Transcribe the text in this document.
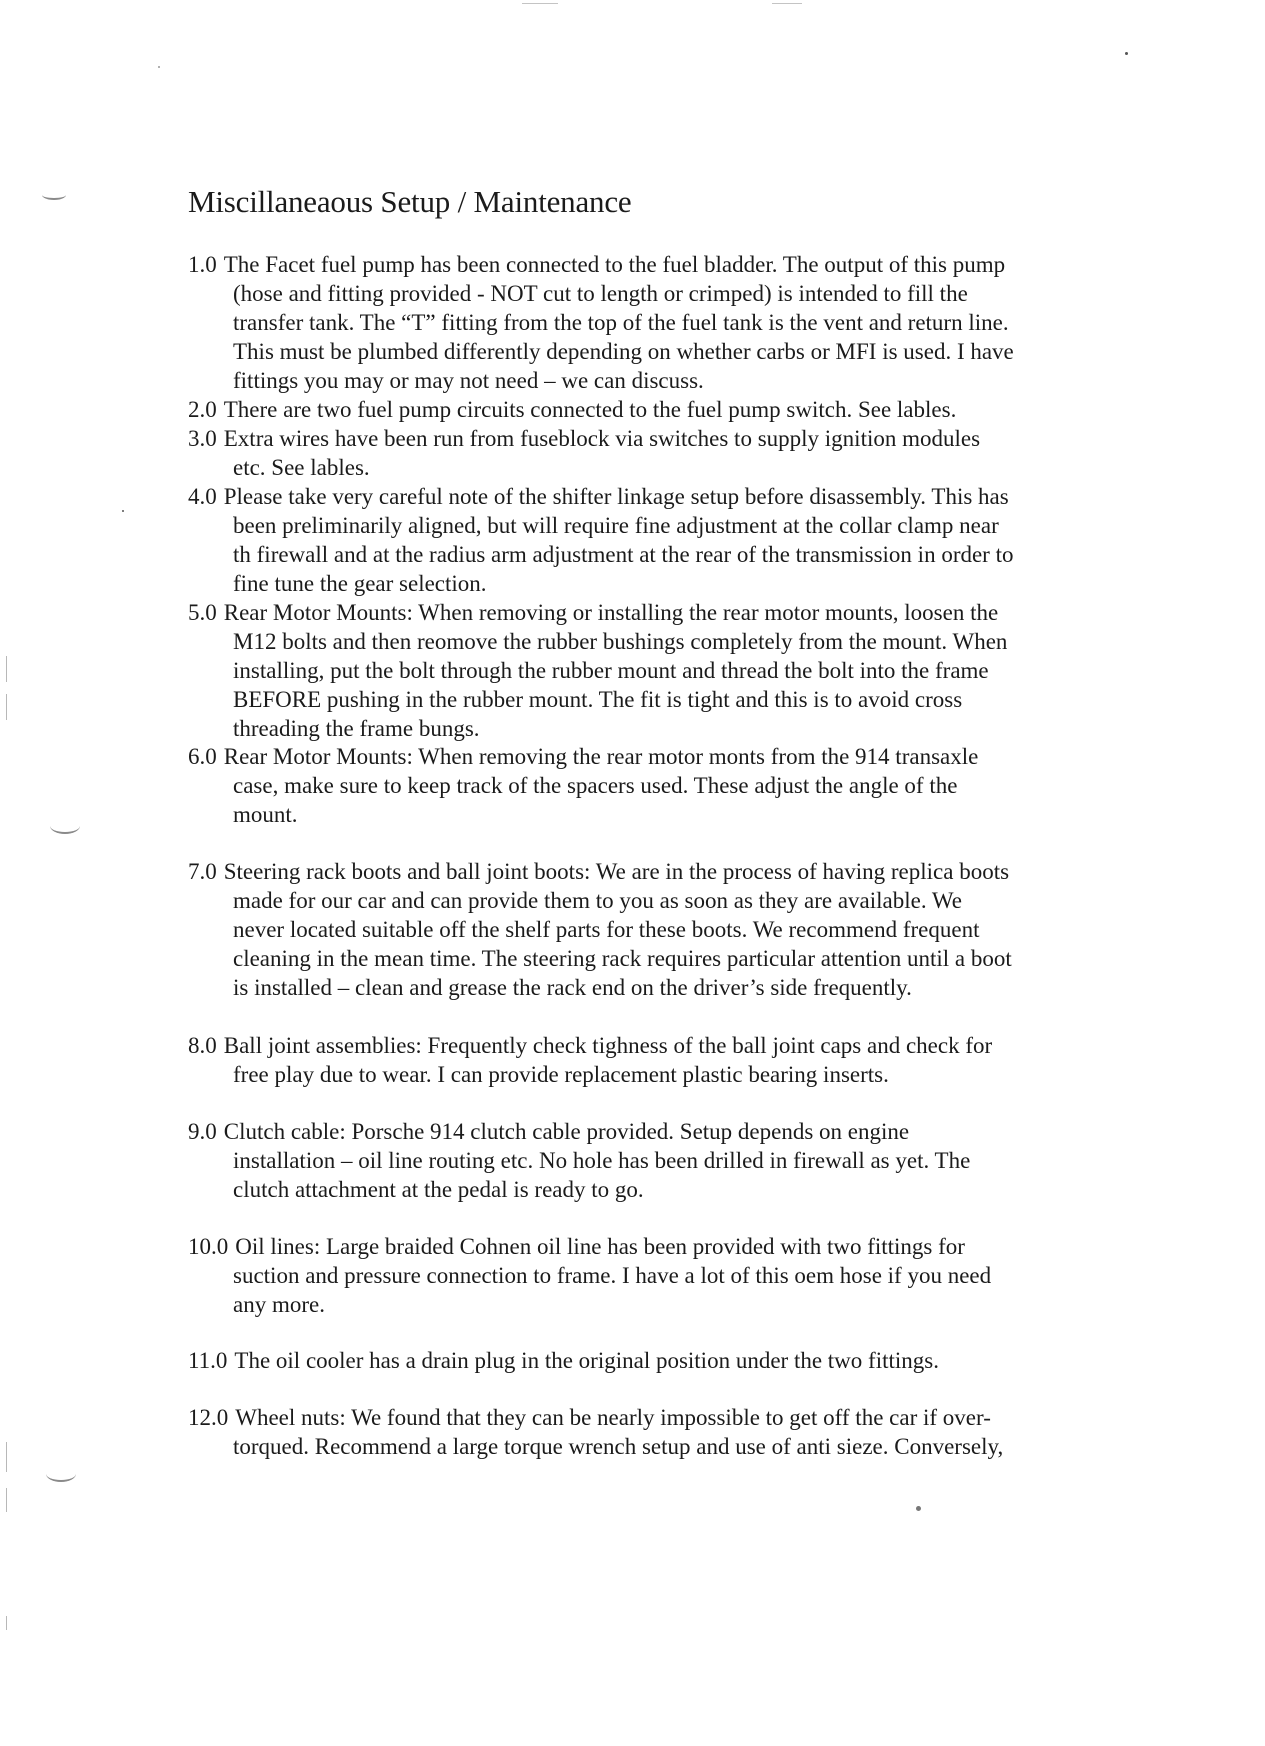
Miscillaneaous Setup / Maintenance
1.0 The Facet fuel pump has been connected to the fuel bladder. The output of this pump
(hose and fitting provided - NOT cut to length or crimped) is intended to fill the
transfer tank. The “T” fitting from the top of the fuel tank is the vent and return line.
This must be plumbed differently depending on whether carbs or MFI is used. I have
fittings you may or may not need – we can discuss.
2.0 There are two fuel pump circuits connected to the fuel pump switch. See lables.
3.0 Extra wires have been run from fuseblock via switches to supply ignition modules
etc. See lables.
4.0 Please take very careful note of the shifter linkage setup before disassembly. This has
been preliminarily aligned, but will require fine adjustment at the collar clamp near
th firewall and at the radius arm adjustment at the rear of the transmission in order to
fine tune the gear selection.
5.0 Rear Motor Mounts: When removing or installing the rear motor mounts, loosen the
M12 bolts and then reomove the rubber bushings completely from the mount. When
installing, put the bolt through the rubber mount and thread the bolt into the frame
BEFORE pushing in the rubber mount. The fit is tight and this is to avoid cross
threading the frame bungs.
6.0 Rear Motor Mounts: When removing the rear motor monts from the 914 transaxle
case, make sure to keep track of the spacers used. These adjust the angle of the
mount.
7.0 Steering rack boots and ball joint boots: We are in the process of having replica boots
made for our car and can provide them to you as soon as they are available. We
never located suitable off the shelf parts for these boots. We recommend frequent
cleaning in the mean time. The steering rack requires particular attention until a boot
is installed – clean and grease the rack end on the driver’s side frequently.
8.0 Ball joint assemblies: Frequently check tighness of the ball joint caps and check for
free play due to wear. I can provide replacement plastic bearing inserts.
9.0 Clutch cable: Porsche 914 clutch cable provided. Setup depends on engine
installation – oil line routing etc. No hole has been drilled in firewall as yet. The
clutch attachment at the pedal is ready to go.
10.0 Oil lines: Large braided Cohnen oil line has been provided with two fittings for
suction and pressure connection to frame. I have a lot of this oem hose if you need
any more.
11.0 The oil cooler has a drain plug in the original position under the two fittings.
12.0 Wheel nuts: We found that they can be nearly impossible to get off the car if over-
torqued. Recommend a large torque wrench setup and use of anti sieze. Conversely,
